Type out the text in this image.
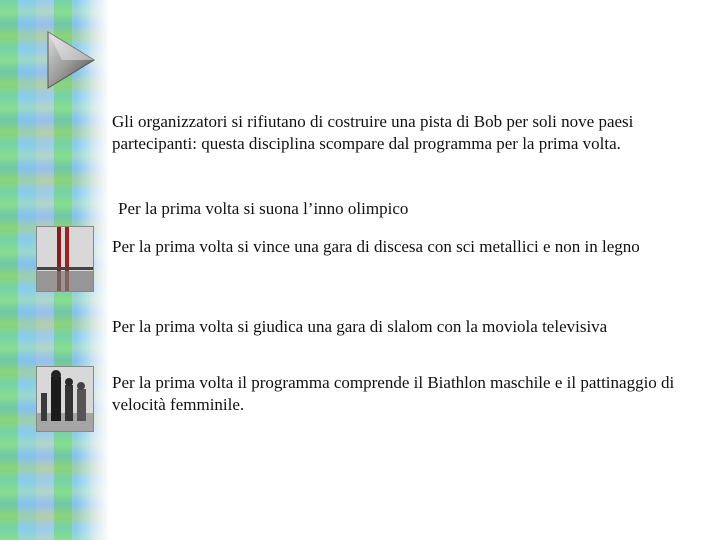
Gli organizzatori si rifiutano di costruire una pista di Bob per soli nove paesi partecipanti: questa disciplina scompare dal programma per la prima volta.
Per la prima volta si suona l’inno olimpico
Per la prima volta si vince una gara di discesa con sci metallici e non in legno
Per la prima volta si giudica una gara di slalom con la moviola televisiva
Per la prima volta il programma comprende il Biathlon maschile e il pattinaggio di velocità femminile.
